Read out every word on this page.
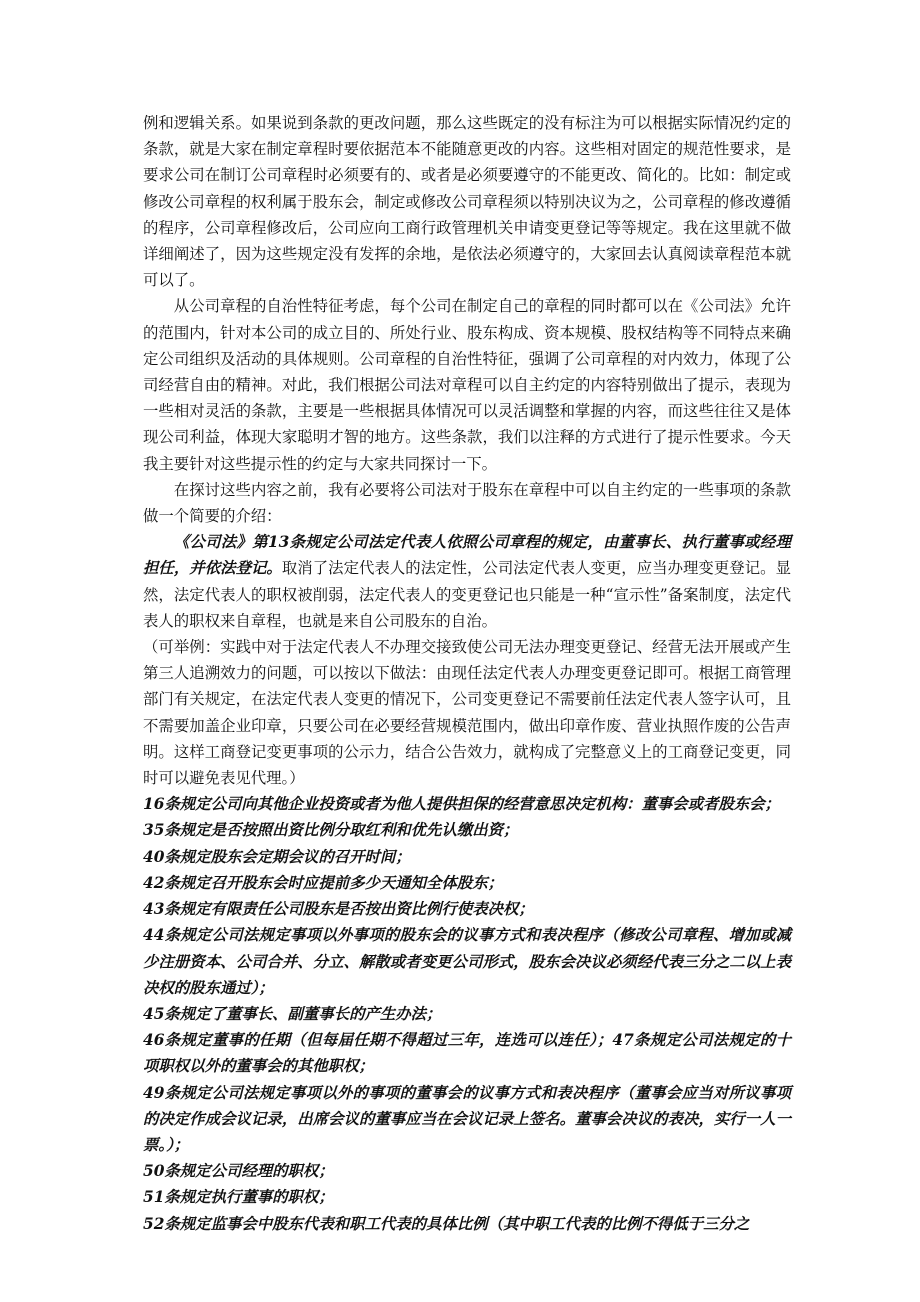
例和逻辑关系。如果说到条款的更改问题，那么这些既定的没有标注为可以根据实际情况约定的条款，就是大家在制定章程时要依据范本不能随意更改的内容。这些相对固定的规范性要求，是要求公司在制订公司章程时必须要有的、或者是必须要遵守的不能更改、简化的。比如：制定或修改公司章程的权利属于股东会，制定或修改公司章程须以特别决议为之，公司章程的修改遵循的程序，公司章程修改后，公司应向工商行政管理机关申请变更登记等等规定。我在这里就不做详细阐述了，因为这些规定没有发挥的余地，是依法必须遵守的，大家回去认真阅读章程范本就可以了。

从公司章程的自治性特征考虑，每个公司在制定自己的章程的同时都可以在《公司法》允许的范围内，针对本公司的成立目的、所处行业、股东构成、资本规模、股权结构等不同特点来确定公司组织及活动的具体规则。公司章程的自治性特征，强调了公司章程的对内效力，体现了公司经营自由的精神。对此，我们根据公司法对章程可以自主约定的内容特别做出了提示，表现为一些相对灵活的条款，主要是一些根据具体情况可以灵活调整和掌握的内容，而这些往往又是体现公司利益，体现大家聪明才智的地方。这些条款，我们以注释的方式进行了提示性要求。今天我主要针对这些提示性的约定与大家共同探讨一下。

在探讨这些内容之前，我有必要将公司法对于股东在章程中可以自主约定的一些事项的条款做一个简要的介绍：

《公司法》第13条规定公司法定代表人依照公司章程的规定，由董事长、执行董事或经理担任，并依法登记。取消了法定代表人的法定性，公司法定代表人变更，应当办理变更登记。显然，法定代表人的职权被削弱，法定代表人的变更登记也只能是一种“宣示性”备案制度，法定代表人的职权来自章程，也就是来自公司股东的自治。

（可举例：实践中对于法定代表人不办理交接致使公司无法办理变更登记、经营无法开展或产生第三人追溯效力的问题，可以按以下做法：由现任法定代表人办理变更登记即可。根据工商管理部门有关规定，在法定代表人变更的情况下，公司变更登记不需要前任法定代表人签字认可，且不需要加盖企业印章，只要公司在必要经营规模范围内，做出印章作废、营业执照作废的公告声明。这样工商登记变更事项的公示力，结合公告效力，就构成了完整意义上的工商登记变更，同时可以避免表见代理。）

16条规定公司向其他企业投资或者为他人提供担保的经营意思决定机构：董事会或者股东会；

35条规定是否按照出资比例分取红利和优先认缴出资；

40条规定股东会定期会议的召开时间；

42条规定召开股东会时应提前多少天通知全体股东；

43条规定有限责任公司股东是否按出资比例行使表决权；

44条规定公司法规定事项以外事项的股东会的议事方式和表决程序（修改公司章程、增加或减少注册资本、公司合并、分立、解散或者变更公司形式，股东会决议必须经代表三分之二以上表决权的股东通过）；

45条规定了董事长、副董事长的产生办法；

46条规定董事的任期（但每届任期不得超过三年，连选可以连任）；47条规定公司法规定的十项职权以外的董事会的其他职权；

49条规定公司法规定事项以外的事项的董事会的议事方式和表决程序（董事会应当对所议事项的决定作成会议记录，出席会议的董事应当在会议记录上签名。董事会决议的表决，实行一人一票。）；

50条规定公司经理的职权；

51条规定执行董事的职权；

52条规定监事会中股东代表和职工代表的具体比例（其中职工代表的比例不得低于三分之
